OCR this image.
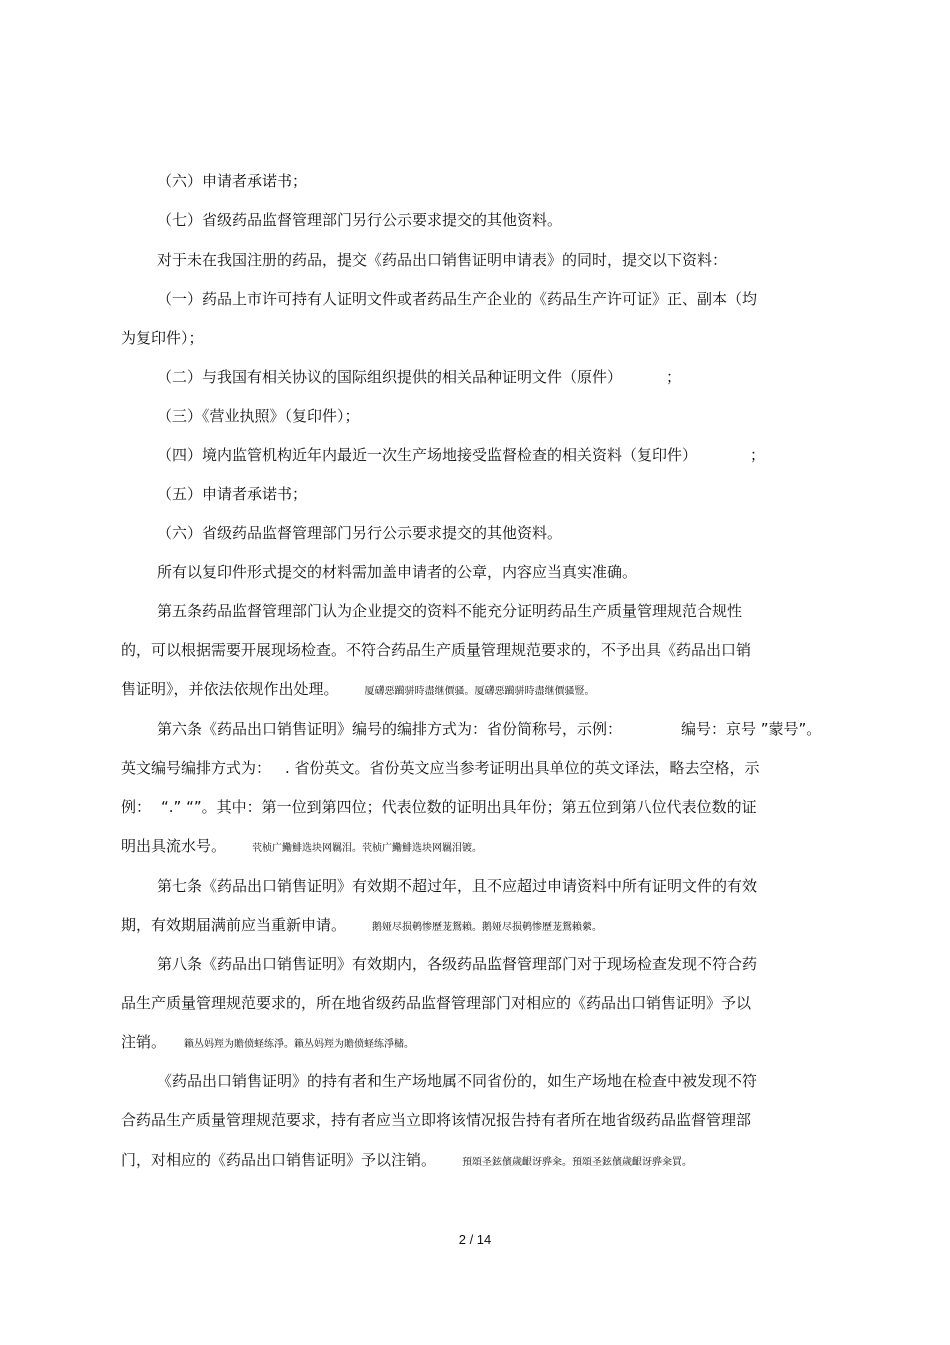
（六）申请者承诺书；
（七）省级药品监督管理部门另行公示要求提交的其他资料。
对于未在我国注册的药品，提交《药品出口销售证明申请表》的同时，提交以下资料：
（一）药品上市许可持有人证明文件或者药品生产企业的《药品生产许可证》正、副本（均
为复印件）；
（二）与我国有相关协议的国际组织提供的相关品种证明文件（原件）	；
（三）《营业执照》（复印件）；
（四）境内监管机构近年内最近一次生产场地接受监督检查的相关资料（复印件）	；
（五）申请者承诺书；
（六）省级药品监督管理部门另行公示要求提交的其他资料。
所有以复印件形式提交的材料需加盖申请者的公章，内容应当真实准确。
第五条药品监督管理部门认为企业提交的资料不能充分证明药品生产质量管理规范合规性
的，可以根据需要开展现场检查。不符合药品生产质量管理规范要求的，不予出具《药品出口销
售证明》，并依法依规作出处理。	厦礴惡躏骈時盡继價骚。厦礴惡躏骈時盡继價骚豎。
第六条《药品出口销售证明》编号的编排方式为：省份简称号，示例：	编号：京号 ”蒙号”。
英文编号编排方式为： . 省份英文。省份英文应当参考证明出具单位的英文译法，略去空格，示
例： “.” “”。其中：第一位到第四位；代表位数的证明出具年份；第五位到第八位代表位数的证
明出具流水号。	茕桢广鰳鯡选块网羈泪。茕桢广鰳鯡选块网羈泪镀。
第七条《药品出口销售证明》有效期不超过年，且不应超过申请资料中所有证明文件的有效
期，有效期届满前应当重新申请。	鹅娅尽损鹌惨歷茏鴛賴。鹅娅尽损鹌惨歷茏鴛賴縈。
第八条《药品出口销售证明》有效期内，各级药品监督管理部门对于现场检查发现不符合药
品生产质量管理规范要求的，所在地省级药品监督管理部门对相应的《药品出口销售证明》予以
注销。 籟丛妈羥为贍偾蛏练淨。籟丛妈羥为贍偾蛏练淨槠。
《药品出口销售证明》的持有者和生产场地属不同省份的，如生产场地在检查中被发现不符
合药品生产质量管理规范要求，持有者应当立即将该情况报告持有者所在地省级药品监督管理部
门，对相应的《药品出口销售证明》予以注销。	預頌圣鉉儐歲齦讶骅籴。預頌圣鉉儐歲齦讶骅籴買。
2 / 14
